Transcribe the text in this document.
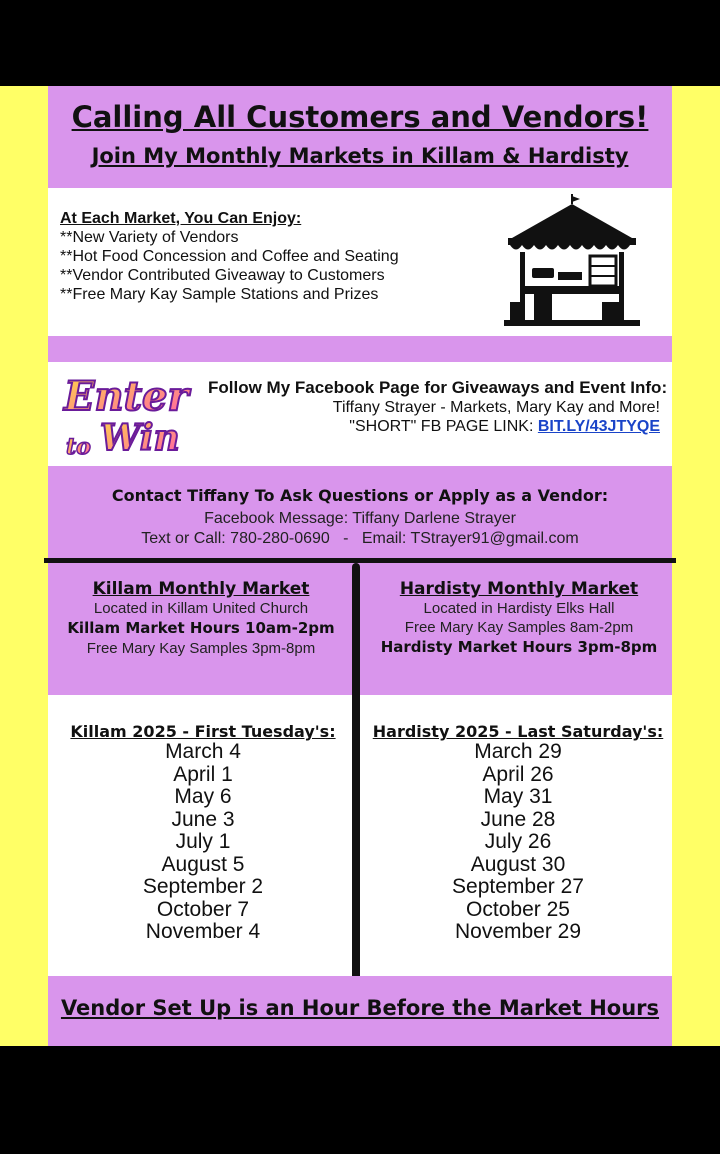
Calling All Customers and Vendors!
Join My Monthly Markets in Killam & Hardisty
At Each Market, You Can Enjoy:
**New Variety of Vendors
**Hot Food Concession and Coffee and Seating
**Vendor Contributed Giveaway to Customers
**Free Mary Kay Sample Stations and Prizes
Enter
to Win
Follow My Facebook Page for Giveaways and Event Info:
Tiffany Strayer - Markets, Mary Kay and More!
"SHORT" FB PAGE LINK: BIT.LY/43JTYQE
Contact Tiffany To Ask Questions or Apply as a Vendor:
Facebook Message: Tiffany Darlene Strayer
Text or Call: 780-280-0690 - Email: TStrayer91@gmail.com
Killam Monthly Market
Located in Killam United Church
Killam Market Hours 10am-2pm
Free Mary Kay Samples 3pm-8pm
Hardisty Monthly Market
Located in Hardisty Elks Hall
Free Mary Kay Samples 8am-2pm
Hardisty Market Hours 3pm-8pm
Killam 2025 - First Tuesday's:
March 4
April 1
May 6
June 3
July 1
August 5
September 2
October 7
November 4
Hardisty 2025 - Last Saturday's:
March 29
April 26
May 31
June 28
July 26
August 30
September 27
October 25
November 29
Vendor Set Up is an Hour Before the Market Hours
